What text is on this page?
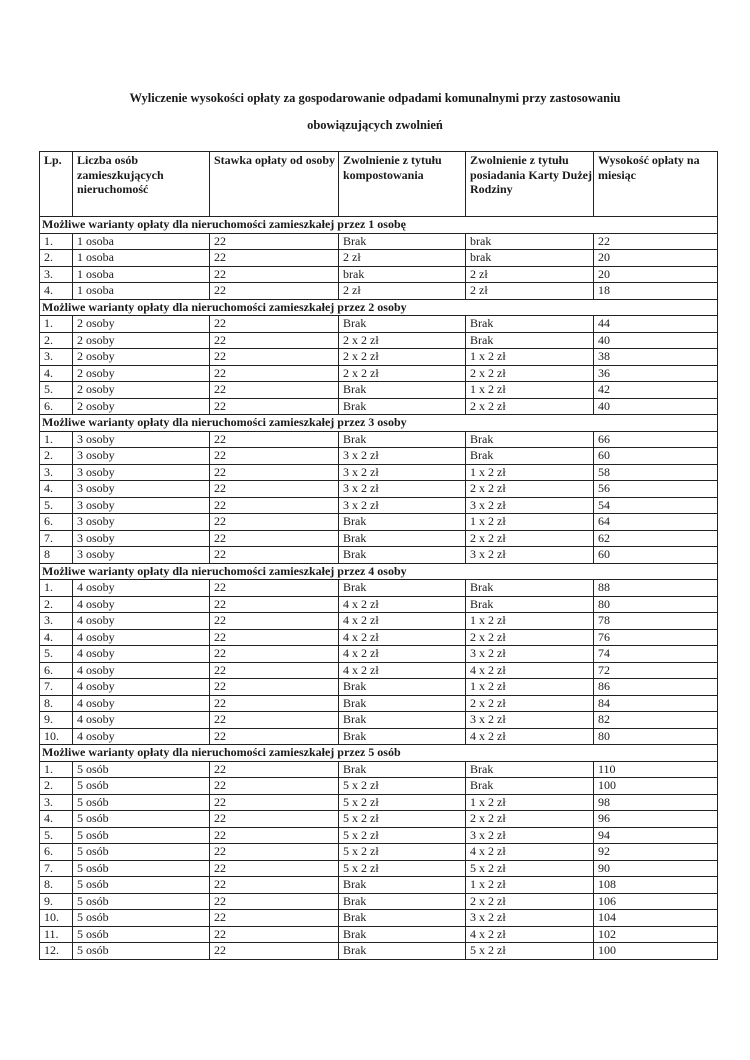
Wyliczenie wysokości opłaty za gospodarowanie odpadami komunalnymi przy zastosowaniu
obowiązujących zwolnień
Lp.	Liczba osób zamieszkujących nieruchomość	Stawka opłaty od osoby	Zwolnienie z tytułu kompostowania	Zwolnienie z tytułu posiadania Karty Dużej Rodziny	Wysokość opłaty na miesiąc
Możliwe warianty opłaty dla nieruchomości zamieszkałej przez 1 osobę					
1.	1 osoba	22	Brak	brak	22
2.	1 osoba	22	2 zł	brak	20
3.	1 osoba	22	brak	2 zł	20
4.	1 osoba	22	2 zł	2 zł	18
Możliwe warianty opłaty dla nieruchomości zamieszkałej przez 2 osoby					
1.	2 osoby	22	Brak	Brak	44
2.	2 osoby	22	2 x 2 zł	Brak	40
3.	2 osoby	22	2 x 2 zł	1 x 2 zł	38
4.	2 osoby	22	2 x 2 zł	2 x 2 zł	36
5.	2 osoby	22	Brak	1 x 2 zł	42
6.	2 osoby	22	Brak	2 x 2 zł	40
Możliwe warianty opłaty dla nieruchomości zamieszkałej przez 3 osoby					
1.	3 osoby	22	Brak	Brak	66
2.	3 osoby	22	3 x 2 zł	Brak	60
3.	3 osoby	22	3 x 2 zł	1 x 2 zł	58
4.	3 osoby	22	3 x 2 zł	2 x 2 zł	56
5.	3 osoby	22	3 x 2 zł	3 x 2 zł	54
6.	3 osoby	22	Brak	1 x 2 zł	64
7.	3 osoby	22	Brak	2 x 2 zł	62
8	3 osoby	22	Brak	3 x 2 zł	60
Możliwe warianty opłaty dla nieruchomości zamieszkałej przez 4 osoby					
1.	4 osoby	22	Brak	Brak	88
2.	4 osoby	22	4 x 2 zł	Brak	80
3.	4 osoby	22	4 x 2 zł	1 x 2 zł	78
4.	4 osoby	22	4 x 2 zł	2 x 2 zł	76
5.	4 osoby	22	4 x 2 zł	3 x 2 zł	74
6.	4 osoby	22	4 x 2 zł	4 x 2 zł	72
7.	4 osoby	22	Brak	1 x 2 zł	86
8.	4 osoby	22	Brak	2 x 2 zł	84
9.	4 osoby	22	Brak	3 x 2 zł	82
10.	4 osoby	22	Brak	4 x 2 zł	80
Możliwe warianty opłaty dla nieruchomości zamieszkałej przez 5 osób					
1.	5 osób	22	Brak	Brak	110
2.	5 osób	22	5 x 2 zł	Brak	100
3.	5 osób	22	5 x 2 zł	1 x 2 zł	98
4.	5 osób	22	5 x 2 zł	2 x 2 zł	96
5.	5 osób	22	5 x 2 zł	3 x 2 zł	94
6.	5 osób	22	5 x 2 zł	4 x 2 zł	92
7.	5 osób	22	5 x 2 zł	5 x 2 zł	90
8.	5 osób	22	Brak	1 x 2 zł	108
9.	5 osób	22	Brak	2 x 2 zł	106
10.	5 osób	22	Brak	3 x 2 zł	104
11.	5 osób	22	Brak	4 x 2 zł	102
12.	5 osób	22	Brak	5 x 2 zł	100
